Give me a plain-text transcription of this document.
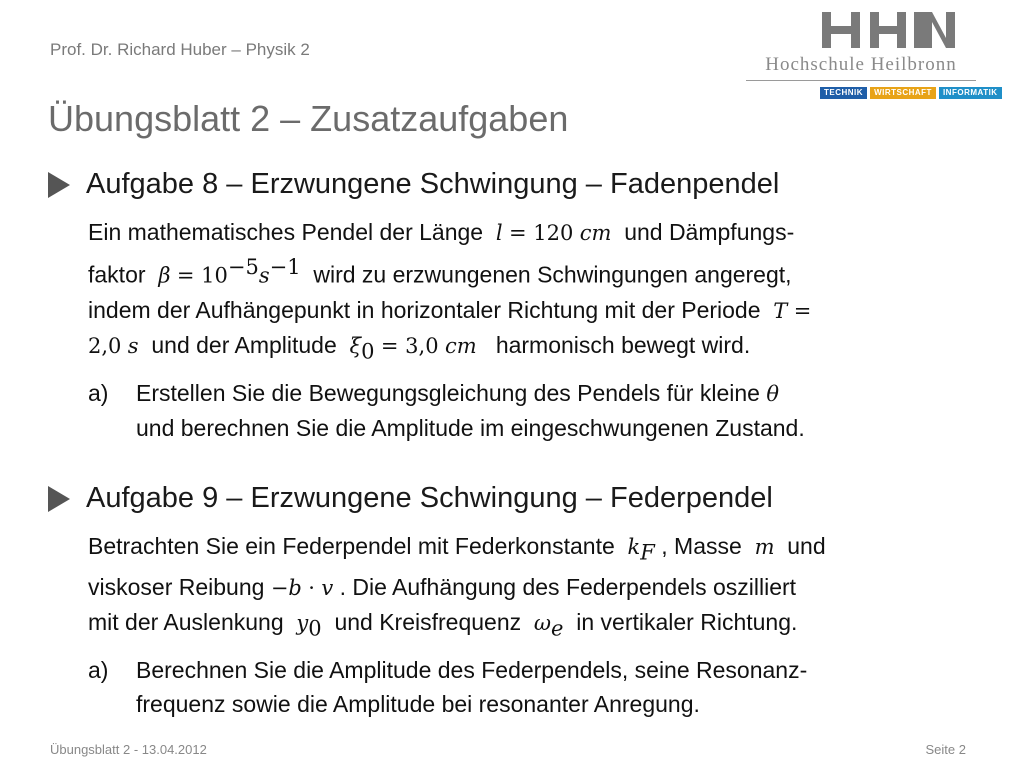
Prof. Dr. Richard Huber – Physik 2
Hochschule Heilbronn
TECHNIK	WIRTSCHAFT	INFORMATIK
Übungsblatt 2 – Zusatzaufgaben
Aufgabe 8 – Erzwungene Schwingung – Fadenpendel
Ein mathematisches Pendel der Länge l = 120 cm und Dämpfungs-
faktor $\beta = 10^{-5}s^{-1}$ wird zu erzwungenen Schwingungen angeregt,
indem der Aufhängepunkt in horizontaler Richtung mit der Periode T =
2,0 s und der Amplitude $\xi_0 = 3,0$ cm harmonisch bewegt wird.
a)	Erstellen Sie die Bewegungsgleichung des Pendels für kleine θ
und berechnen Sie die Amplitude im eingeschwungenen Zustand.
Aufgabe 9 – Erzwungene Schwingung – Federpendel
Betrachten Sie ein Federpendel mit Federkonstante $k_F$ , Masse m und
viskoser Reibung −b · v . Die Aufhängung des Federpendels oszilliert
mit der Auslenkung $y_0$ und Kreisfrequenz $\omega_e$ in vertikaler Richtung.
a)	Berechnen Sie die Amplitude des Federpendels, seine Resonanz-
frequenz sowie die Amplitude bei resonanter Anregung.
Übungsblatt 2 - 13.04.2012	Seite 2
